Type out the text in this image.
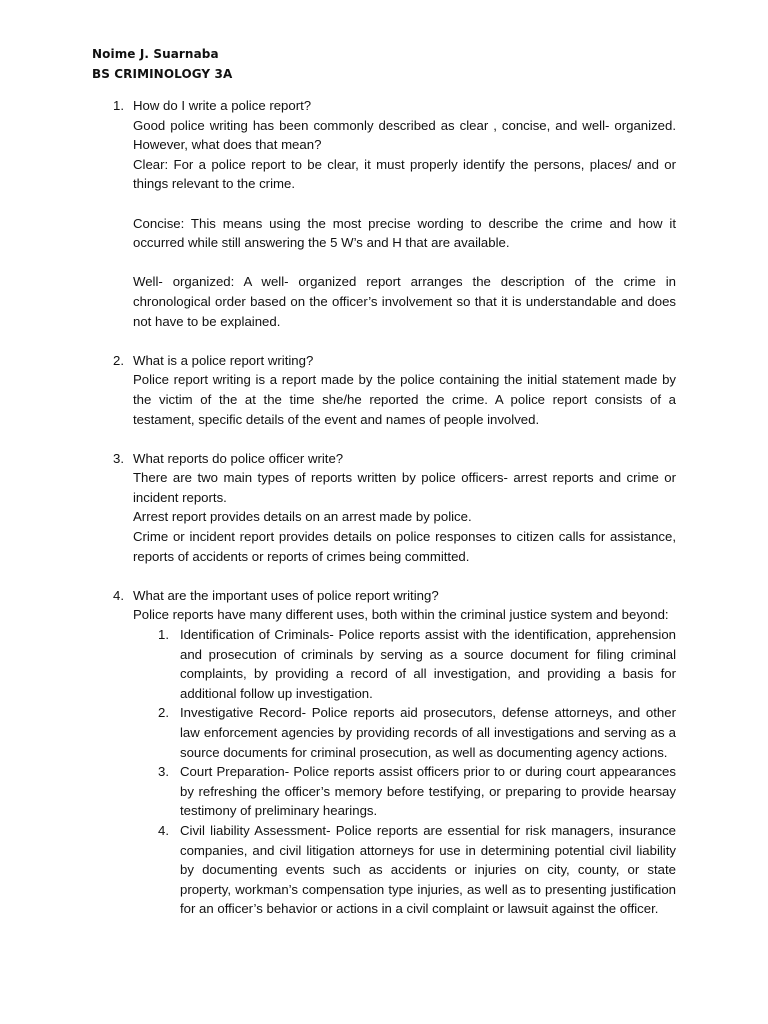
Noime J. Suarnaba
BS CRIMINOLOGY 3A
1. How do I write a police report?
Good police writing has been commonly described as clear , concise, and well- organized. However, what does that mean?
Clear: For a police report to be clear, it must properly identify the persons, places/ and or things relevant to the crime.
Concise: This means using the most precise wording to describe the crime and how it occurred while still answering the 5 W’s and H that are available.
Well- organized: A well- organized report arranges the description of the crime in chronological order based on the officer’s involvement so that it is understandable and does not have to be explained.
2. What is a police report writing?
Police report writing is a report made by the police containing the initial statement made by the victim of the at the time she/he reported the crime. A police report consists of a testament, specific details of the event and names of people involved.
3. What reports do police officer write?
There are two main types of reports written by police officers- arrest reports and crime or incident reports.
Arrest report provides details on an arrest made by police.
Crime or incident report provides details on police responses to citizen calls for assistance, reports of accidents or reports of crimes being committed.
4. What are the important uses of police report writing?
Police reports have many different uses, both within the criminal justice system and beyond:
1. Identification of Criminals- Police reports assist with the identification, apprehension and prosecution of criminals by serving as a source document for filing criminal complaints, by providing a record of all investigation, and providing a basis for additional follow up investigation.
2. Investigative Record- Police reports aid prosecutors, defense attorneys, and other law enforcement agencies by providing records of all investigations and serving as a source documents for criminal prosecution, as well as documenting agency actions.
3. Court Preparation- Police reports assist officers prior to or during court appearances by refreshing the officer’s memory before testifying, or preparing to provide hearsay testimony of preliminary hearings.
4. Civil liability Assessment- Police reports are essential for risk managers, insurance companies, and civil litigation attorneys for use in determining potential civil liability by documenting events such as accidents or injuries on city, county, or state property, workman’s compensation type injuries, as well as to presenting justification for an officer’s behavior or actions in a civil complaint or lawsuit against the officer.
